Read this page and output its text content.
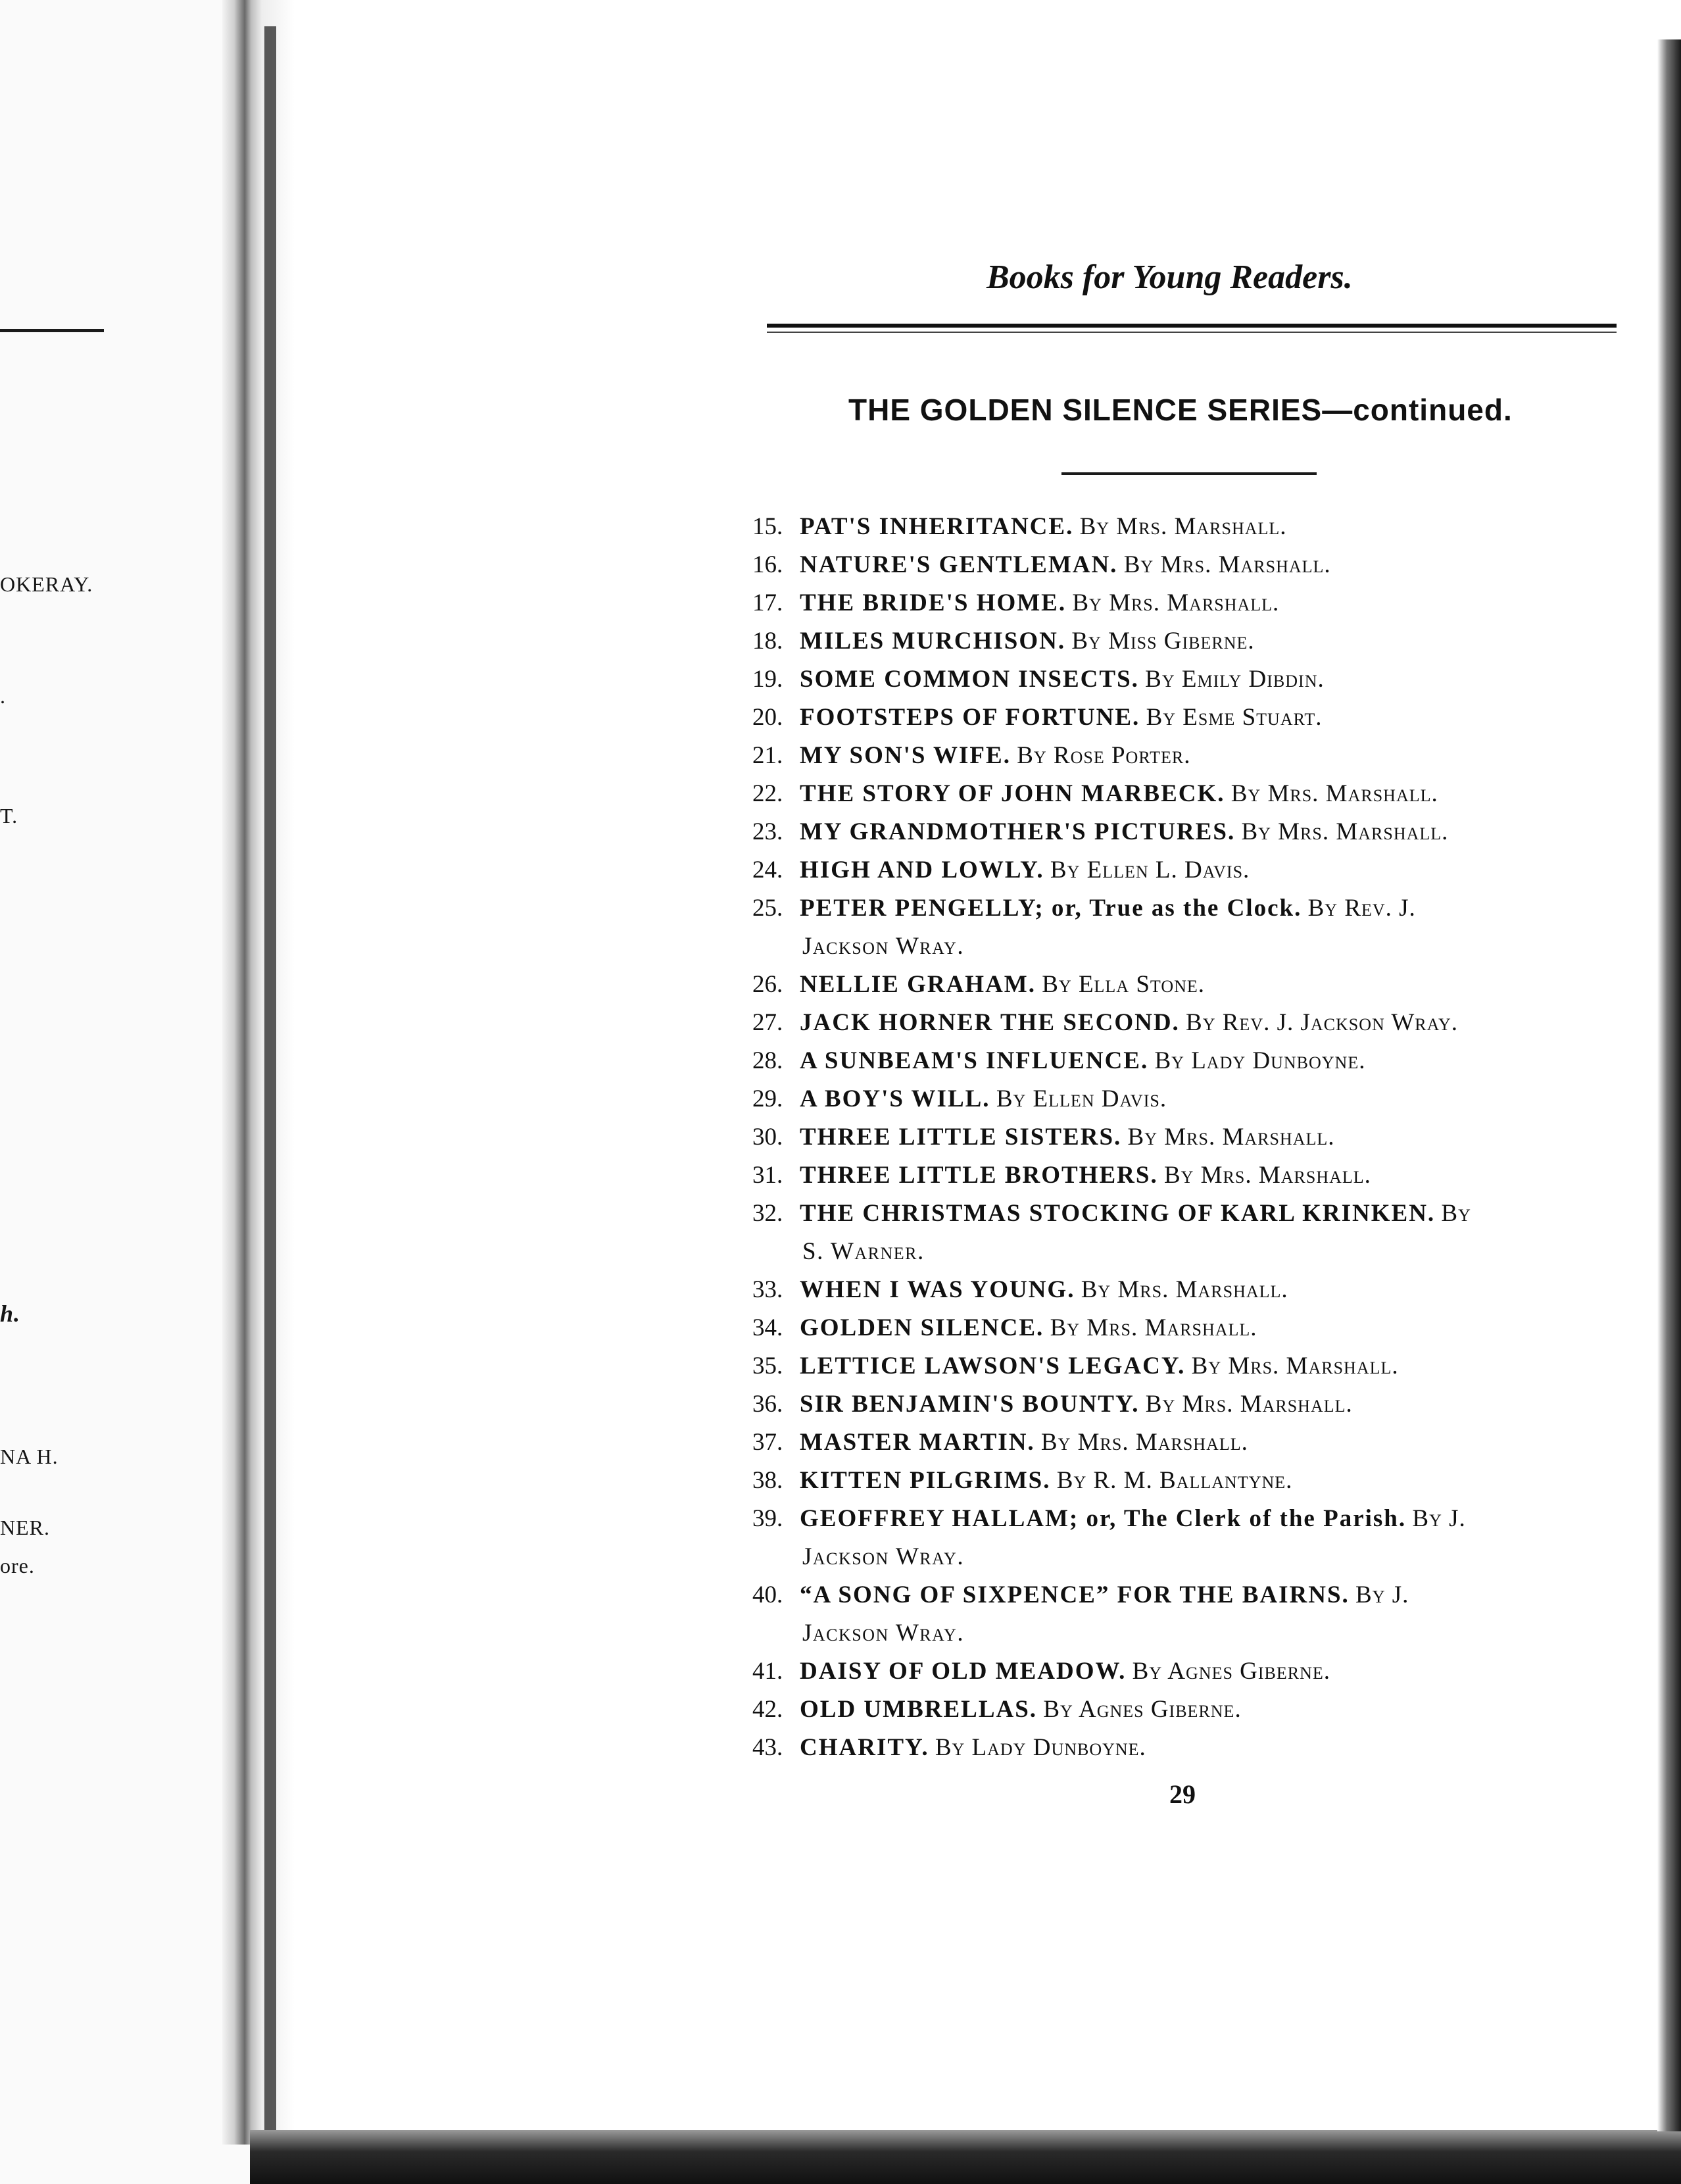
OKERAY.
.
T.
h.
NA H.
NER.
ore.
Books for Young Readers.
THE GOLDEN SILENCE SERIES—continued.
15. PAT'S INHERITANCE. By Mrs. Marshall.
16. NATURE'S GENTLEMAN. By Mrs. Marshall.
17. THE BRIDE'S HOME. By Mrs. Marshall.
18. MILES MURCHISON. By Miss Giberne.
19. SOME COMMON INSECTS. By Emily Dibdin.
20. FOOTSTEPS OF FORTUNE. By Esme Stuart.
21. MY SON'S WIFE. By Rose Porter.
22. THE STORY OF JOHN MARBECK. By Mrs. Marshall.
23. MY GRANDMOTHER'S PICTURES. By Mrs. Marshall.
24. HIGH AND LOWLY. By Ellen L. Davis.
25. PETER PENGELLY; or, True as the Clock. By Rev. J.
Jackson Wray.
26. NELLIE GRAHAM. By Ella Stone.
27. JACK HORNER THE SECOND. By Rev. J. Jackson Wray.
28. A SUNBEAM'S INFLUENCE. By Lady Dunboyne.
29. A BOY'S WILL. By Ellen Davis.
30. THREE LITTLE SISTERS. By Mrs. Marshall.
31. THREE LITTLE BROTHERS. By Mrs. Marshall.
32. THE CHRISTMAS STOCKING OF KARL KRINKEN. By
S. Warner.
33. WHEN I WAS YOUNG. By Mrs. Marshall.
34. GOLDEN SILENCE. By Mrs. Marshall.
35. LETTICE LAWSON'S LEGACY. By Mrs. Marshall.
36. SIR BENJAMIN'S BOUNTY. By Mrs. Marshall.
37. MASTER MARTIN. By Mrs. Marshall.
38. KITTEN PILGRIMS. By R. M. Ballantyne.
39. GEOFFREY HALLAM; or, The Clerk of the Parish. By J.
Jackson Wray.
40. “A SONG OF SIXPENCE” FOR THE BAIRNS. By J.
Jackson Wray.
41. DAISY OF OLD MEADOW. By Agnes Giberne.
42. OLD UMBRELLAS. By Agnes Giberne.
43. CHARITY. By Lady Dunboyne.
29
